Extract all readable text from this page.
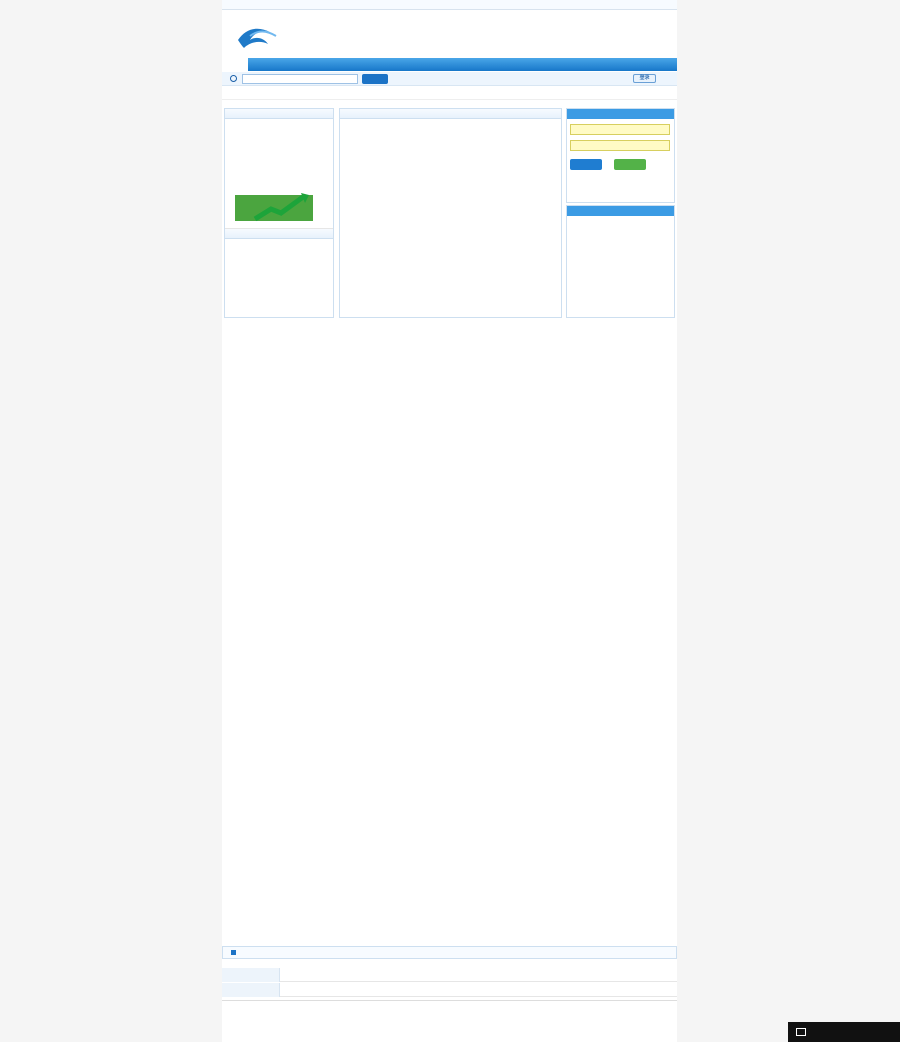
登录
